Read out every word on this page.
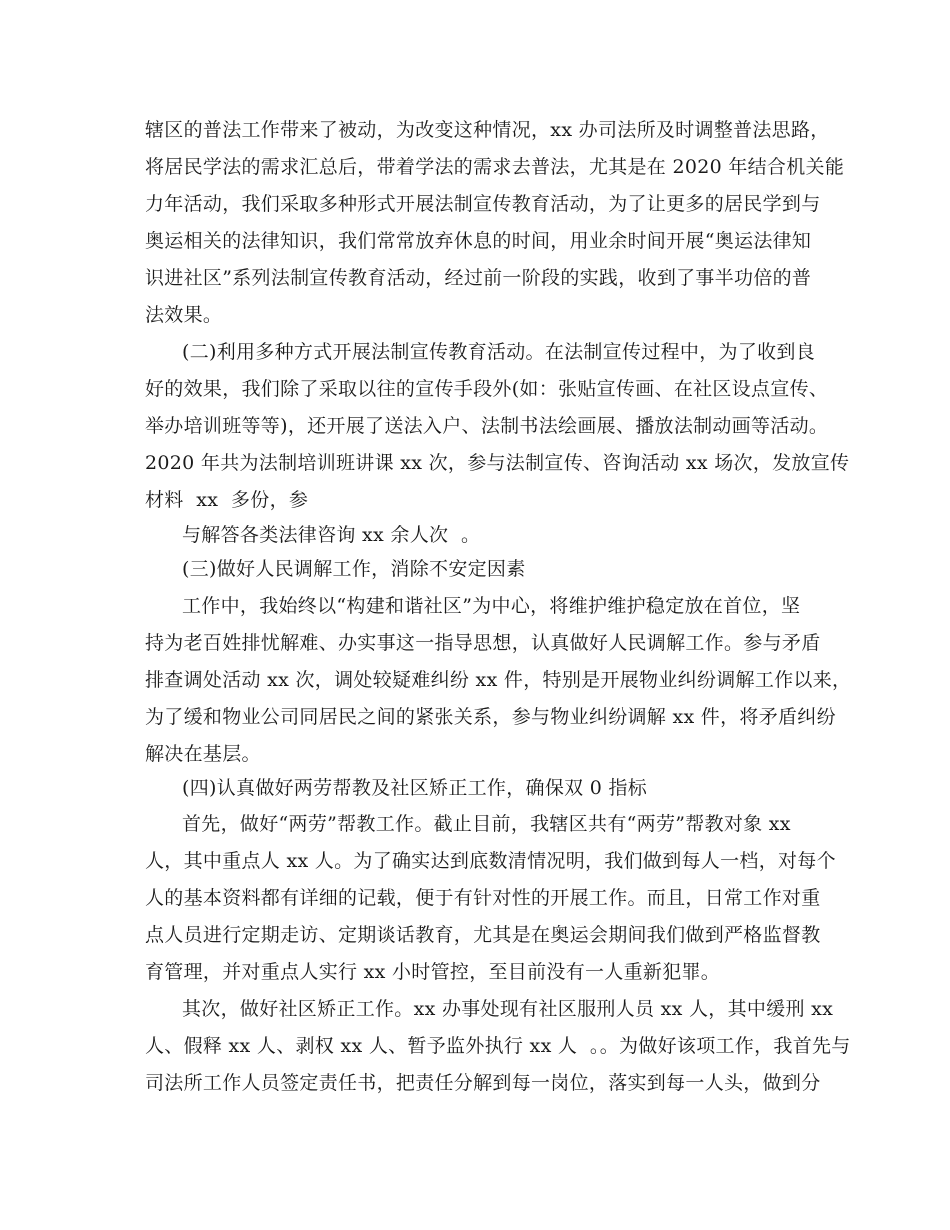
辖区的普法工作带来了被动，为改变这种情况，xx 办司法所及时调整普法思路，
将居民学法的需求汇总后，带着学法的需求去普法，尤其是在 2020 年结合机关能
力年活动，我们采取多种形式开展法制宣传教育活动，为了让更多的居民学到与
奥运相关的法律知识，我们常常放弃休息的时间，用业余时间开展“奥运法律知
识进社区”系列法制宣传教育活动，经过前一阶段的实践，收到了事半功倍的普
法效果。
(二)利用多种方式开展法制宣传教育活动。在法制宣传过程中，为了收到良
好的效果，我们除了采取以往的宣传手段外(如：张贴宣传画、在社区设点宣传、
举办培训班等等)，还开展了送法入户、法制书法绘画展、播放法制动画等活动。
2020 年共为法制培训班讲课 xx 次，参与法制宣传、咨询活动 xx 场次，发放宣传
材料  xx  多份，参
与解答各类法律咨询 xx 余人次  。
(三)做好人民调解工作，消除不安定因素
工作中，我始终以“构建和谐社区”为中心，将维护维护稳定放在首位，坚
持为老百姓排忧解难、办实事这一指导思想，认真做好人民调解工作。参与矛盾
排查调处活动 xx 次，调处较疑难纠纷 xx 件，特别是开展物业纠纷调解工作以来，
为了缓和物业公司同居民之间的紧张关系，参与物业纠纷调解 xx 件，将矛盾纠纷
解决在基层。
(四)认真做好两劳帮教及社区矫正工作，确保双 0 指标
首先，做好“两劳”帮教工作。截止目前，我辖区共有“两劳”帮教对象 xx
人，其中重点人 xx 人。为了确实达到底数清情况明，我们做到每人一档，对每个
人的基本资料都有详细的记载，便于有针对性的开展工作。而且，日常工作对重
点人员进行定期走访、定期谈话教育，尤其是在奥运会期间我们做到严格监督教
育管理，并对重点人实行 xx 小时管控，至目前没有一人重新犯罪。
其次，做好社区矫正工作。xx 办事处现有社区服刑人员 xx 人，其中缓刑 xx
人、假释 xx 人、剥权 xx 人、暂予监外执行 xx 人  。。为做好该项工作，我首先与
司法所工作人员签定责任书，把责任分解到每一岗位，落实到每一人头，做到分
